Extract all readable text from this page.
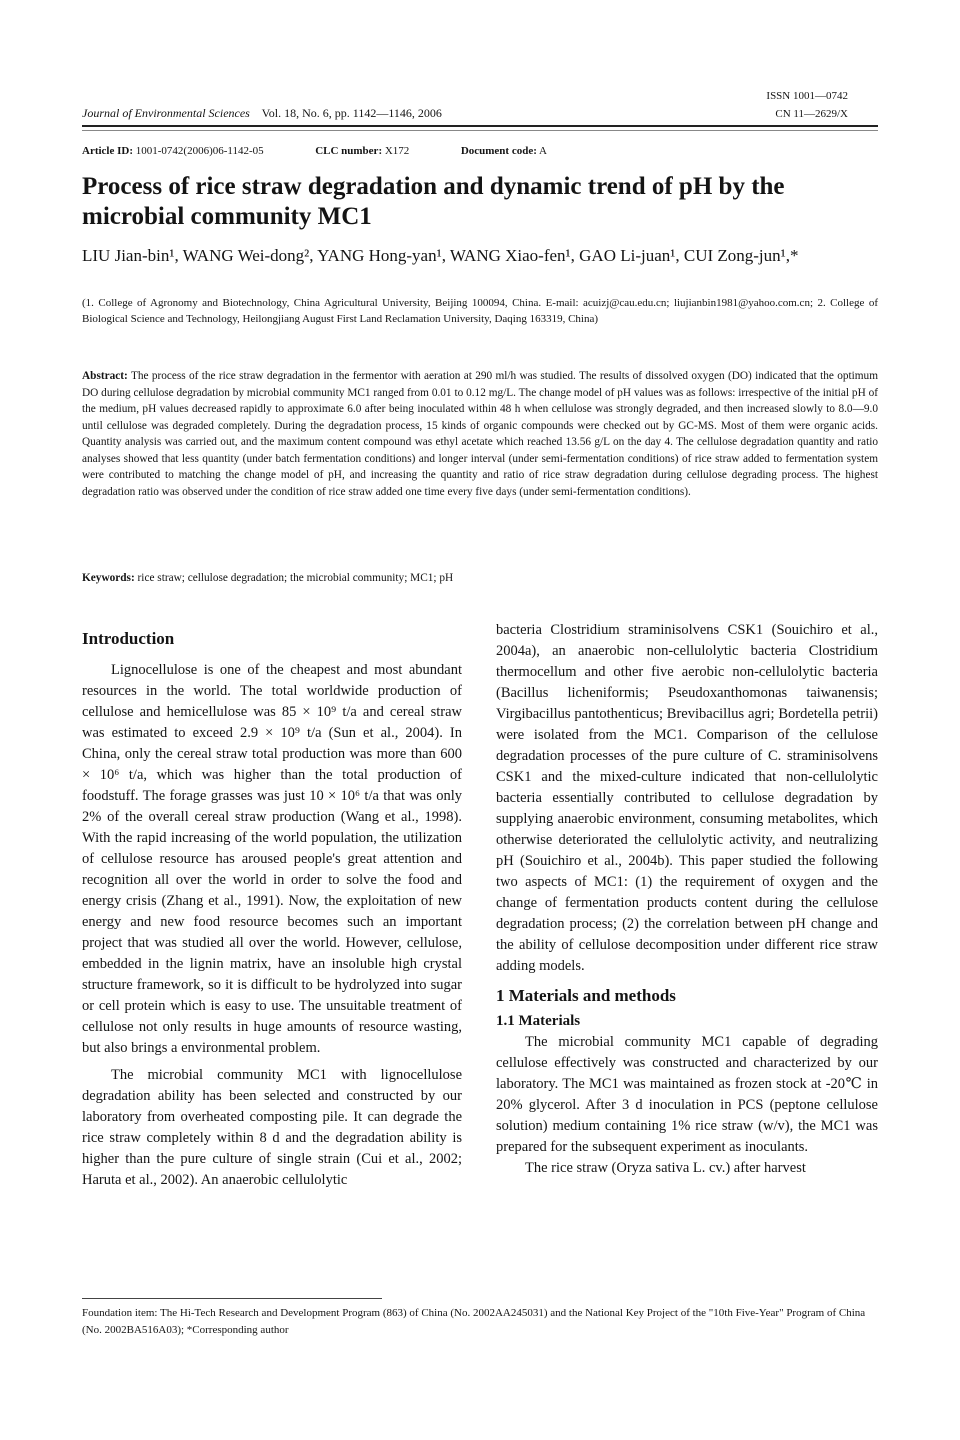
Journal of Environmental Sciences Vol. 18, No. 6, pp. 1142—1146, 2006
ISSN 1001—0742
CN 11—2629/X
Article ID: 1001-0742(2006)06-1142-05	CLC number: X172	Document code: A
Process of rice straw degradation and dynamic trend of pH by the microbial community MC1
LIU Jian-bin¹, WANG Wei-dong², YANG Hong-yan¹, WANG Xiao-fen¹, GAO Li-juan¹, CUI Zong-jun¹,*
(1. College of Agronomy and Biotechnology, China Agricultural University, Beijing 100094, China. E-mail: acuizj@cau.edu.cn; liujianbin1981@yahoo.com.cn; 2. College of Biological Science and Technology, Heilongjiang August First Land Reclamation University, Daqing 163319, China)
Abstract: The process of the rice straw degradation in the fermentor with aeration at 290 ml/h was studied. The results of dissolved oxygen (DO) indicated that the optimum DO during cellulose degradation by microbial community MC1 ranged from 0.01 to 0.12 mg/L. The change model of pH values was as follows: irrespective of the initial pH of the medium, pH values decreased rapidly to approximate 6.0 after being inoculated within 48 h when cellulose was strongly degraded, and then increased slowly to 8.0—9.0 until cellulose was degraded completely. During the degradation process, 15 kinds of organic compounds were checked out by GC-MS. Most of them were organic acids. Quantity analysis was carried out, and the maximum content compound was ethyl acetate which reached 13.56 g/L on the day 4. The cellulose degradation quantity and ratio analyses showed that less quantity (under batch fermentation conditions) and longer interval (under semi-fermentation conditions) of rice straw added to fermentation system were contributed to matching the change model of pH, and increasing the quantity and ratio of rice straw degradation during cellulose degrading process. The highest degradation ratio was observed under the condition of rice straw added one time every five days (under semi-fermentation conditions).
Keywords: rice straw; cellulose degradation; the microbial community; MC1; pH
Introduction

Lignocellulose is one of the cheapest and most abundant resources in the world. The total worldwide production of cellulose and hemicellulose was 85 × 10⁹ t/a and cereal straw was estimated to exceed 2.9 × 10⁹ t/a (Sun et al., 2004). In China, only the cereal straw total production was more than 600 × 10⁶ t/a, which was higher than the total production of foodstuff. The forage grasses was just 10 × 10⁶ t/a that was only 2% of the overall cereal straw production (Wang et al., 1998). With the rapid increasing of the world population, the utilization of cellulose resource has aroused people's great attention and recognition all over the world in order to solve the food and energy crisis (Zhang et al., 1991). Now, the exploitation of new energy and new food resource becomes such an important project that was studied all over the world. However, cellulose, embedded in the lignin matrix, have an insoluble high crystal structure framework, so it is difficult to be hydrolyzed into sugar or cell protein which is easy to use. The unsuitable treatment of cellulose not only results in huge amounts of resource wasting, but also brings a environmental problem.

The microbial community MC1 with lignocellulose degradation ability has been selected and constructed by our laboratory from overheated composting pile. It can degrade the rice straw completely within 8 d and the degradation ability is higher than the pure culture of single strain (Cui et al., 2002; Haruta et al., 2002). An anaerobic cellulolytic

bacteria Clostridium straminisolvens CSK1 (Souichiro et al., 2004a), an anaerobic non-cellulolytic bacteria Clostridium thermocellum and other five aerobic non-cellulolytic bacteria (Bacillus licheniformis; Pseudoxanthomonas taiwanensis; Virgibacillus pantothenticus; Brevibacillus agri; Bordetella petrii) were isolated from the MC1. Comparison of the cellulose degradation processes of the pure culture of C. straminisolvens CSK1 and the mixed-culture indicated that non-cellulolytic bacteria essentially contributed to cellulose degradation by supplying anaerobic environment, consuming metabolites, which otherwise deteriorated the cellulolytic activity, and neutralizing pH (Souichiro et al., 2004b). This paper studied the following two aspects of MC1: (1) the requirement of oxygen and the change of fermentation products content during the cellulose degradation process; (2) the correlation between pH change and the ability of cellulose decomposition under different rice straw adding models.

1 Materials and methods
1.1 Materials

The microbial community MC1 capable of degrading cellulose effectively was constructed and characterized by our laboratory. The MC1 was maintained as frozen stock at -20℃ in 20% glycerol. After 3 d inoculation in PCS (peptone cellulose solution) medium containing 1% rice straw (w/v), the MC1 was prepared for the subsequent experiment as inoculants.

The rice straw (Oryza sativa L. cv.) after harvest

Foundation item: The Hi-Tech Research and Development Program (863) of China (No. 2002AA245031) and the National Key Project of the "10th Five-Year" Program of China (No. 2002BA516A03); *Corresponding author
